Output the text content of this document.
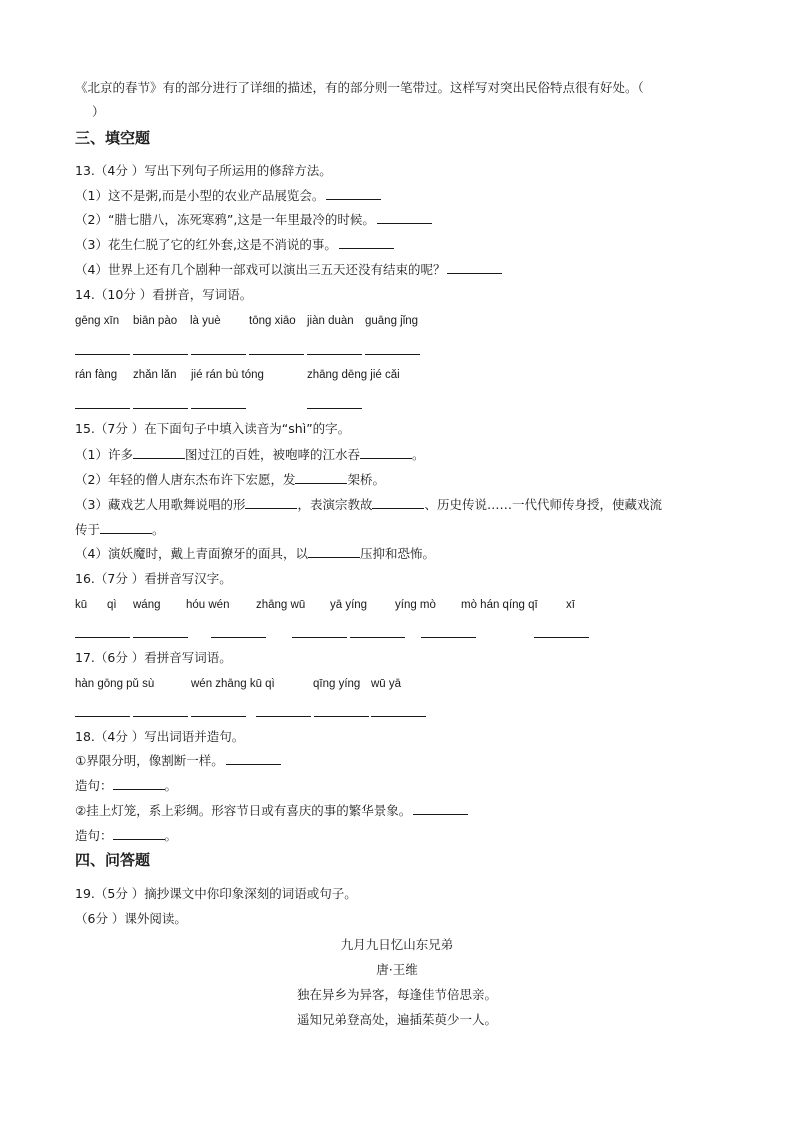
《北京的春节》有的部分进行了详细的描述，有的部分则一笔带过。这样写对突出民俗特点很有好处。（
）
三、填空题
13.（4分 ）写出下列句子所运用的修辞方法。
（1）这不是粥,而是小型的农业产品展览会。
（2）“腊七腊八，冻死寒鸦”,这是一年里最冷的时候。
（3）花生仁脱了它的红外套,这是不消说的事。
（4）世界上还有几个剧种一部戏可以演出三五天还没有结束的呢？
14.（10分 ）看拼音，写词语。
gēng xīn biān pào là yuè tōng xiāo jiàn duàn guāng jǐng
rán fàng zhǎn lǎn jié rán bù tóng	zhāng dēng jié cǎi
15.（7分 ）在下面句子中填入读音为“shì”的字。
（1）许多	图过江的百姓，被咆哮的江水吞	。
（2）年轻的僧人唐东杰布许下宏愿，发	架桥。
（3）藏戏艺人用歌舞说唱的形	，表演宗教故	、历史传说……一代代师传身授，使藏戏流
传于	。
（4）演妖魔时，戴上青面獠牙的面具，以	压抑和恐怖。
16.（7分 ）看拼音写汉字。
kū qì wáng hóu wén zhāng wū yā yíng yíng mò mò hán qíng qī xī
17.（6分 ）看拼音写词语。
hàn gōng pǔ sù	wén zhāng kū qì	qīng yíng wū yā
18.（4分 ）写出词语并造句。
①界限分明，像割断一样。
造句：	。
②挂上灯笼，系上彩绸。形容节日或有喜庆的事的繁华景象。
造句：	。
四、问答题
19.（5分 ）摘抄课文中你印象深刻的词语或句子。
（6分 ）课外阅读。
九月九日忆山东兄弟
唐·王维
独在异乡为异客，每逢佳节倍思亲。
遥知兄弟登高处，遍插茱萸少一人。
